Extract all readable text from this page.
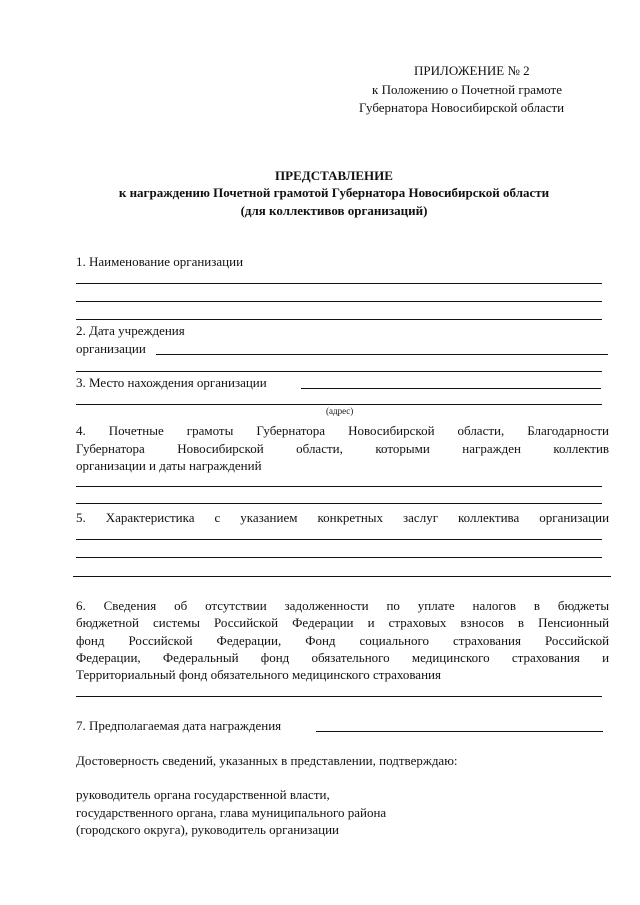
ПРИЛОЖЕНИЕ № 2
к Положению о Почетной грамоте
Губернатора Новосибирской области
ПРЕДСТАВЛЕНИЕ
к награждению Почетной грамотой Губернатора Новосибирской области
(для коллективов организаций)
1. Наименование организации
2. Дата учреждения
организации
3. Место нахождения организации
(адрес)
4. Почетные грамоты Губернатора Новосибирской области, Благодарности
Губернатора Новосибирской области, которыми награжден коллектив
организации и даты награждений
5. Характеристика с указанием конкретных заслуг коллектива организации
6. Сведения об отсутствии задолженности по уплате налогов в бюджеты
бюджетной системы Российской Федерации и страховых взносов в Пенсионный
фонд Российской Федерации, Фонд социального страхования Российской
Федерации, Федеральный фонд обязательного медицинского страхования и
Территориальный фонд обязательного медицинского страхования
7. Предполагаемая дата награждения
Достоверность сведений, указанных в представлении, подтверждаю:
руководитель органа государственной власти,
государственного органа, глава муниципального района
(городского округа), руководитель организации
